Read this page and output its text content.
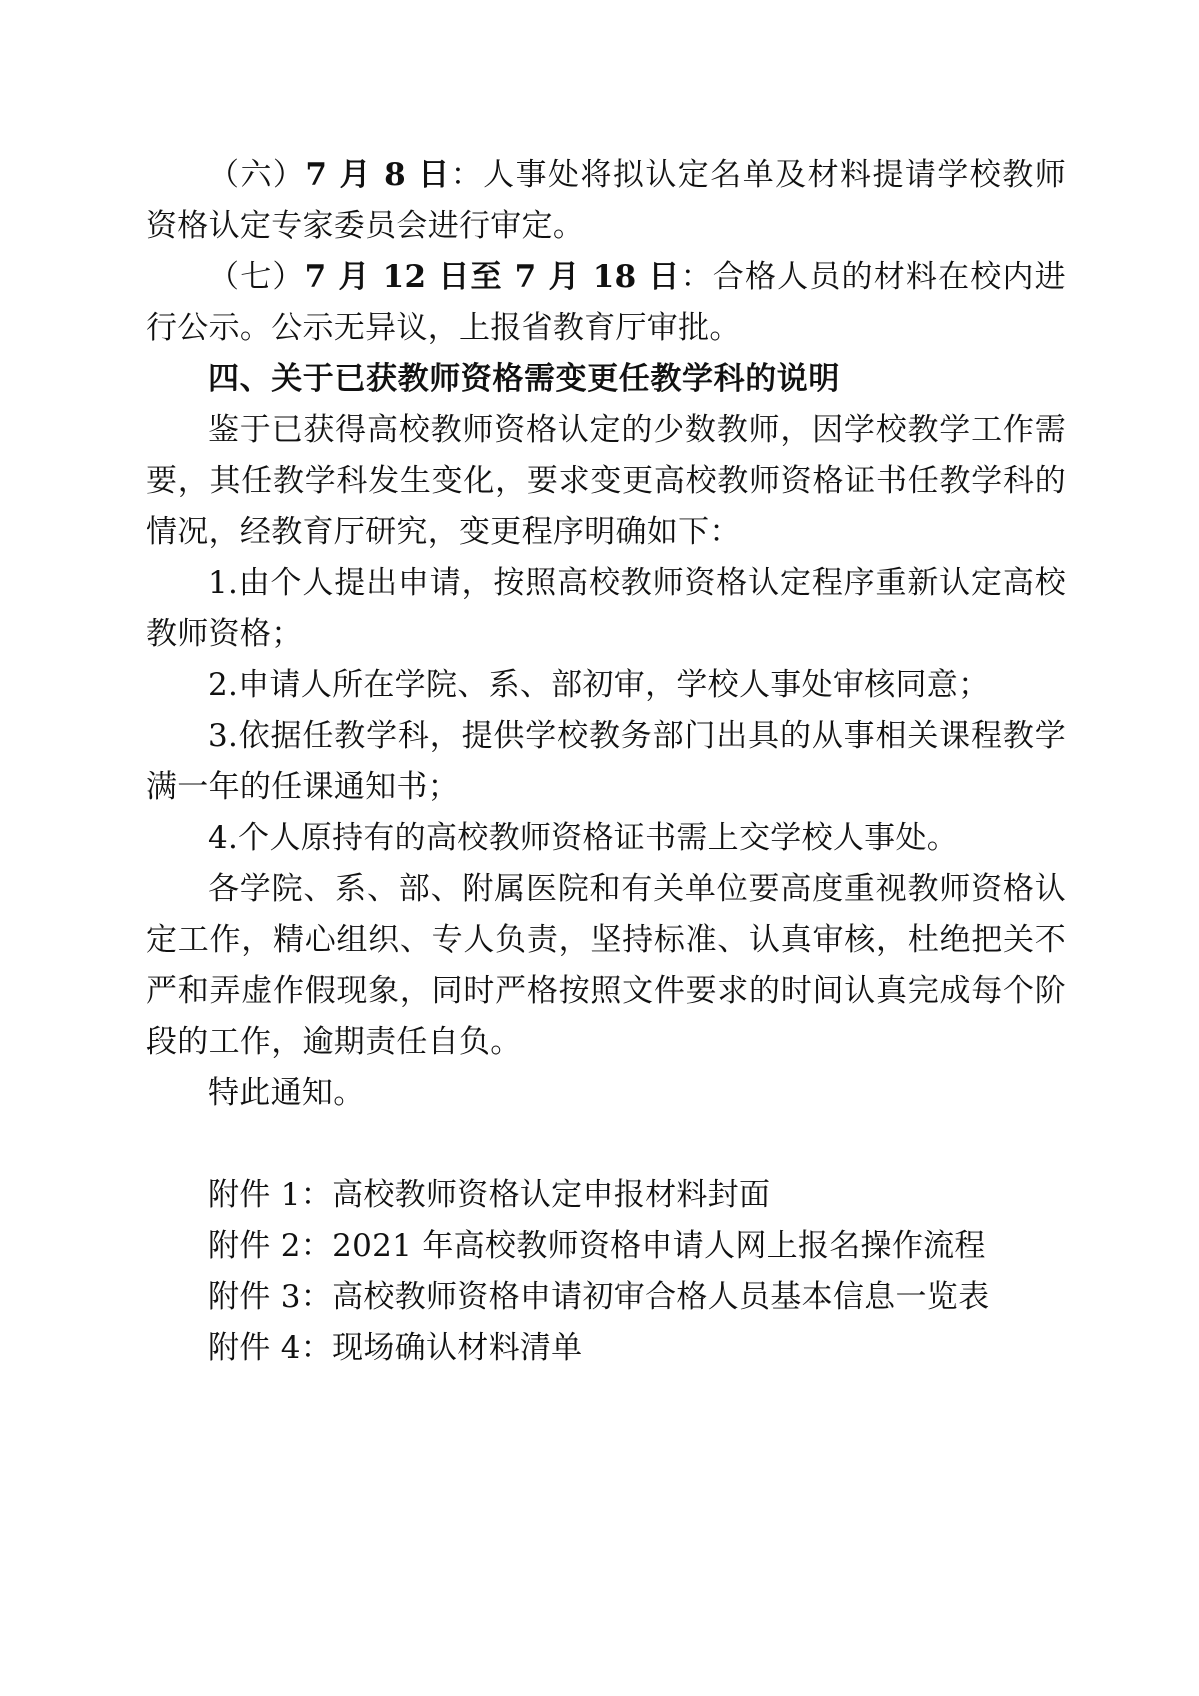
（六）7 月 8 日：人事处将拟认定名单及材料提请学校教师资格认定专家委员会进行审定。

（七）7 月 12 日至 7 月 18 日：合格人员的材料在校内进行公示。公示无异议，上报省教育厅审批。

四、关于已获教师资格需变更任教学科的说明

鉴于已获得高校教师资格认定的少数教师，因学校教学工作需要，其任教学科发生变化，要求变更高校教师资格证书任教学科的情况，经教育厅研究，变更程序明确如下：

1.由个人提出申请，按照高校教师资格认定程序重新认定高校教师资格；

2.申请人所在学院、系、部初审，学校人事处审核同意；

3.依据任教学科，提供学校教务部门出具的从事相关课程教学满一年的任课通知书；

4.个人原持有的高校教师资格证书需上交学校人事处。

各学院、系、部、附属医院和有关单位要高度重视教师资格认定工作，精心组织、专人负责，坚持标准、认真审核，杜绝把关不严和弄虚作假现象，同时严格按照文件要求的时间认真完成每个阶段的工作，逾期责任自负。

特此通知。

附件 1：高校教师资格认定申报材料封面

附件 2：2021 年高校教师资格申请人网上报名操作流程

附件 3：高校教师资格申请初审合格人员基本信息一览表

附件 4：现场确认材料清单
